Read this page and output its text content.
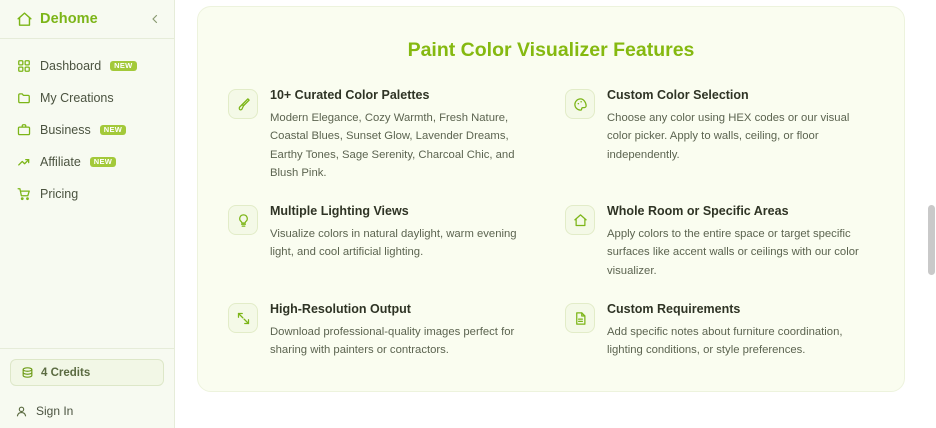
Dehome
Dashboard	NEW
My Creations
Business	NEW
Affiliate	NEW
Pricing
4 Credits
Sign In
Paint Color Visualizer Features
10+ Curated Color Palettes
Modern Elegance, Cozy Warmth, Fresh Nature, Coastal Blues, Sunset Glow, Lavender Dreams, Earthy Tones, Sage Serenity, Charcoal Chic, and Blush Pink.
Custom Color Selection
Choose any color using HEX codes or our visual color picker. Apply to walls, ceiling, or floor independently.
Multiple Lighting Views
Visualize colors in natural daylight, warm evening light, and cool artificial lighting.
Whole Room or Specific Areas
Apply colors to the entire space or target specific surfaces like accent walls or ceilings with our color visualizer.
High-Resolution Output
Download professional-quality images perfect for sharing with painters or contractors.
Custom Requirements
Add specific notes about furniture coordination, lighting conditions, or style preferences.
